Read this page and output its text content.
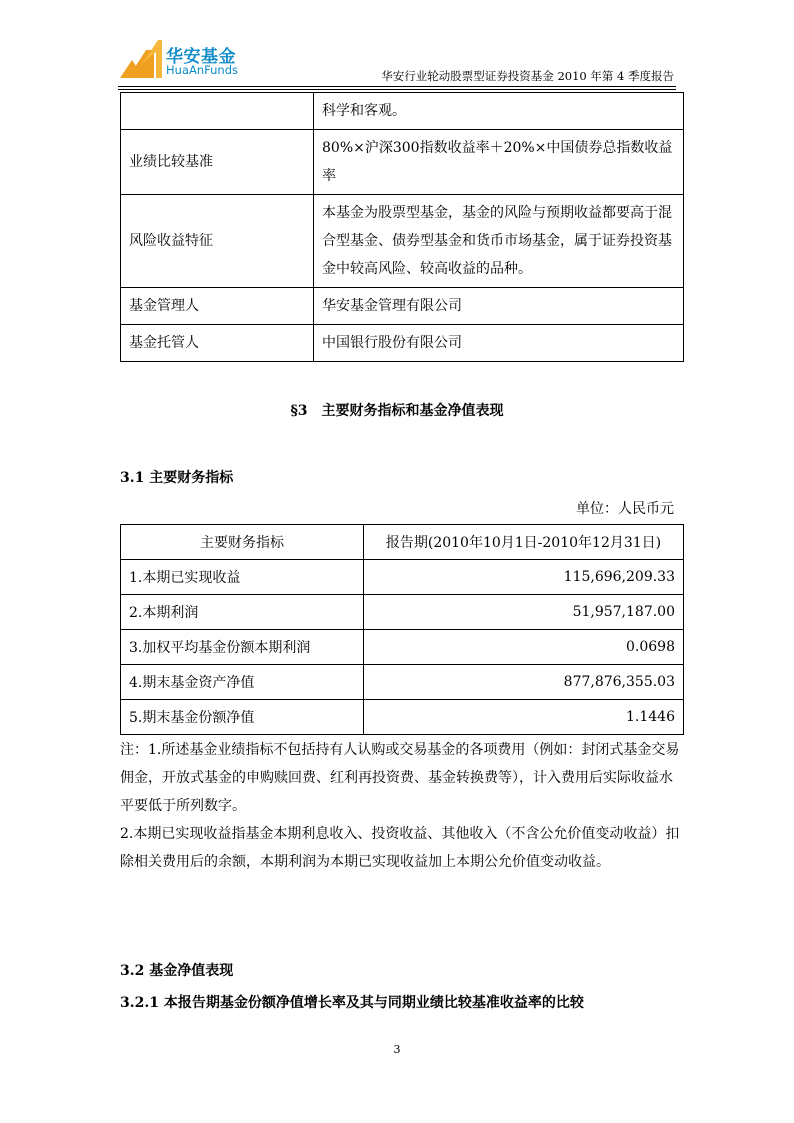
华安基金
HuaAnFunds	华安行业轮动股票型证券投资基金 2010 年第 4 季度报告
	科学和客观。
业绩比较基准	80%×沪深300指数收益率＋20%×中国债券总指数收益率
风险收益特征	本基金为股票型基金，基金的风险与预期收益都要高于混合型基金、债券型基金和货币市场基金，属于证券投资基金中较高风险、较高收益的品种。
基金管理人	华安基金管理有限公司
基金托管人	中国银行股份有限公司
§3　主要财务指标和基金净值表现
3.1 主要财务指标
单位：人民币元
主要财务指标	报告期(2010年10月1日-2010年12月31日)
1.本期已实现收益	115,696,209.33
2.本期利润	51,957,187.00
3.加权平均基金份额本期利润	0.0698
4.期末基金资产净值	877,876,355.03
5.期末基金份额净值	1.1446

注：1.所述基金业绩指标不包括持有人认购或交易基金的各项费用（例如：封闭式基金交易佣金，开放式基金的申购赎回费、红利再投资费、基金转换费等），计入费用后实际收益水平要低于所列数字。

2.本期已实现收益指基金本期利息收入、投资收益、其他收入（不含公允价值变动收益）扣除相关费用后的余额，本期利润为本期已实现收益加上本期公允价值变动收益。

3.2 基金净值表现
3.2.1 本报告期基金份额净值增长率及其与同期业绩比较基准收益率的比较
3
